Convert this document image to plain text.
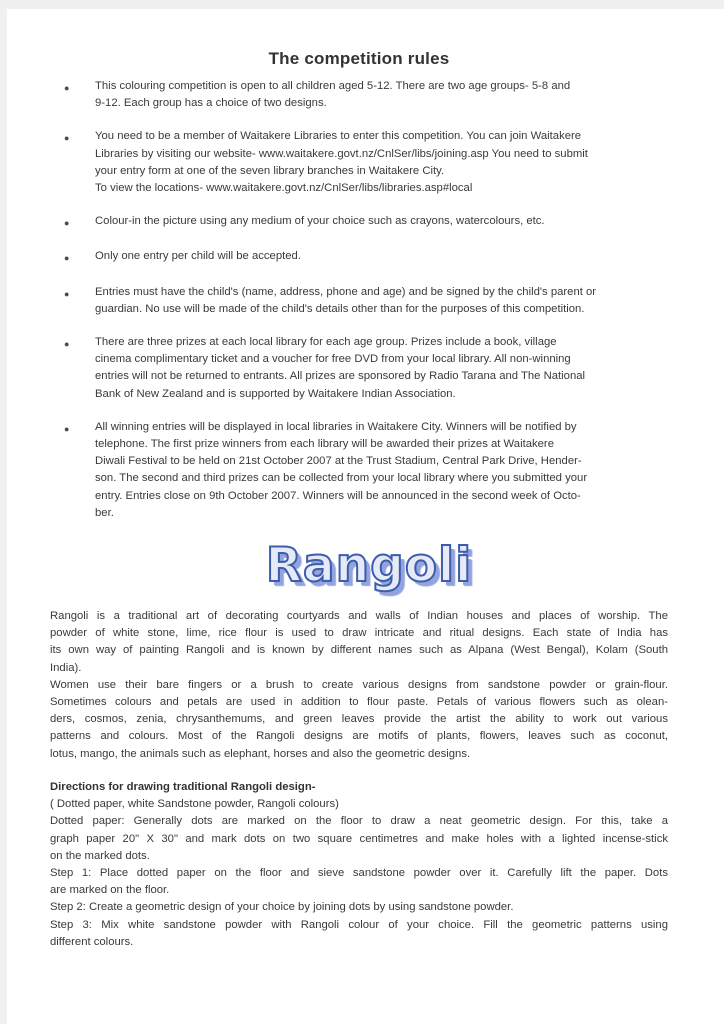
The competition rules
●	This colouring competition is open to all children aged 5-12. There are two age groups- 5-8 and
9-12. Each group has a choice of two designs.
●	You need to be a member of Waitakere Libraries to enter this competition. You can join Waitakere
Libraries by visiting our website- www.waitakere.govt.nz/CnlSer/libs/joining.asp You need to submit
your entry form at one of the seven library branches in Waitakere City.
To view the locations- www.waitakere.govt.nz/CnlSer/libs/libraries.asp#local
●	Colour-in the picture using any medium of your choice such as crayons, watercolours, etc.
●	Only one entry per child will be accepted.
●	Entries must have the child's (name, address, phone and age) and be signed by the child's parent or
guardian. No use will be made of the child's details other than for the purposes of this competition.
●	There are three prizes at each local library for each age group. Prizes include a book, village
cinema complimentary ticket and a voucher for free DVD from your local library. All non-winning
entries will not be returned to entrants. All prizes are sponsored by Radio Tarana and The National
Bank of New Zealand and is supported by Waitakere Indian Association.
●	All winning entries will be displayed in local libraries in Waitakere City. Winners will be notified by
telephone. The first prize winners from each library will be awarded their prizes at Waitakere
Diwali Festival to be held on 21st October 2007 at the Trust Stadium, Central Park Drive, Hender-
son. The second and third prizes can be collected from your local library where you submitted your
entry. Entries close on 9th October 2007. Winners will be announced in the second week of Octo-
ber.
Rangoli
Rangoli is a traditional art of decorating courtyards and walls of Indian houses and places of worship. The
powder of white stone, lime, rice flour is used to draw intricate and ritual designs. Each state of India has
its own way of painting Rangoli and is known by different names such as Alpana (West Bengal), Kolam (South
India).
Women use their bare fingers or a brush to create various designs from sandstone powder or grain-flour.
Sometimes colours and petals are used in addition to flour paste. Petals of various flowers such as olean-
ders, cosmos, zenia, chrysanthemums, and green leaves provide the artist the ability to work out various
patterns and colours. Most of the Rangoli designs are motifs of plants, flowers, leaves such as coconut,
lotus, mango, the animals such as elephant, horses and also the geometric designs.
Directions for drawing traditional Rangoli design-
( Dotted paper, white Sandstone powder, Rangoli colours)
Dotted paper: Generally dots are marked on the floor to draw a neat geometric design. For this, take a
graph paper 20" X 30" and mark dots on two square centimetres and make holes with a lighted incense-stick
on the marked dots.
Step 1: Place dotted paper on the floor and sieve sandstone powder over it. Carefully lift the paper. Dots
are marked on the floor.
Step 2: Create a geometric design of your choice by joining dots by using sandstone powder.
Step 3: Mix white sandstone powder with Rangoli colour of your choice. Fill the geometric patterns using
different colours.
